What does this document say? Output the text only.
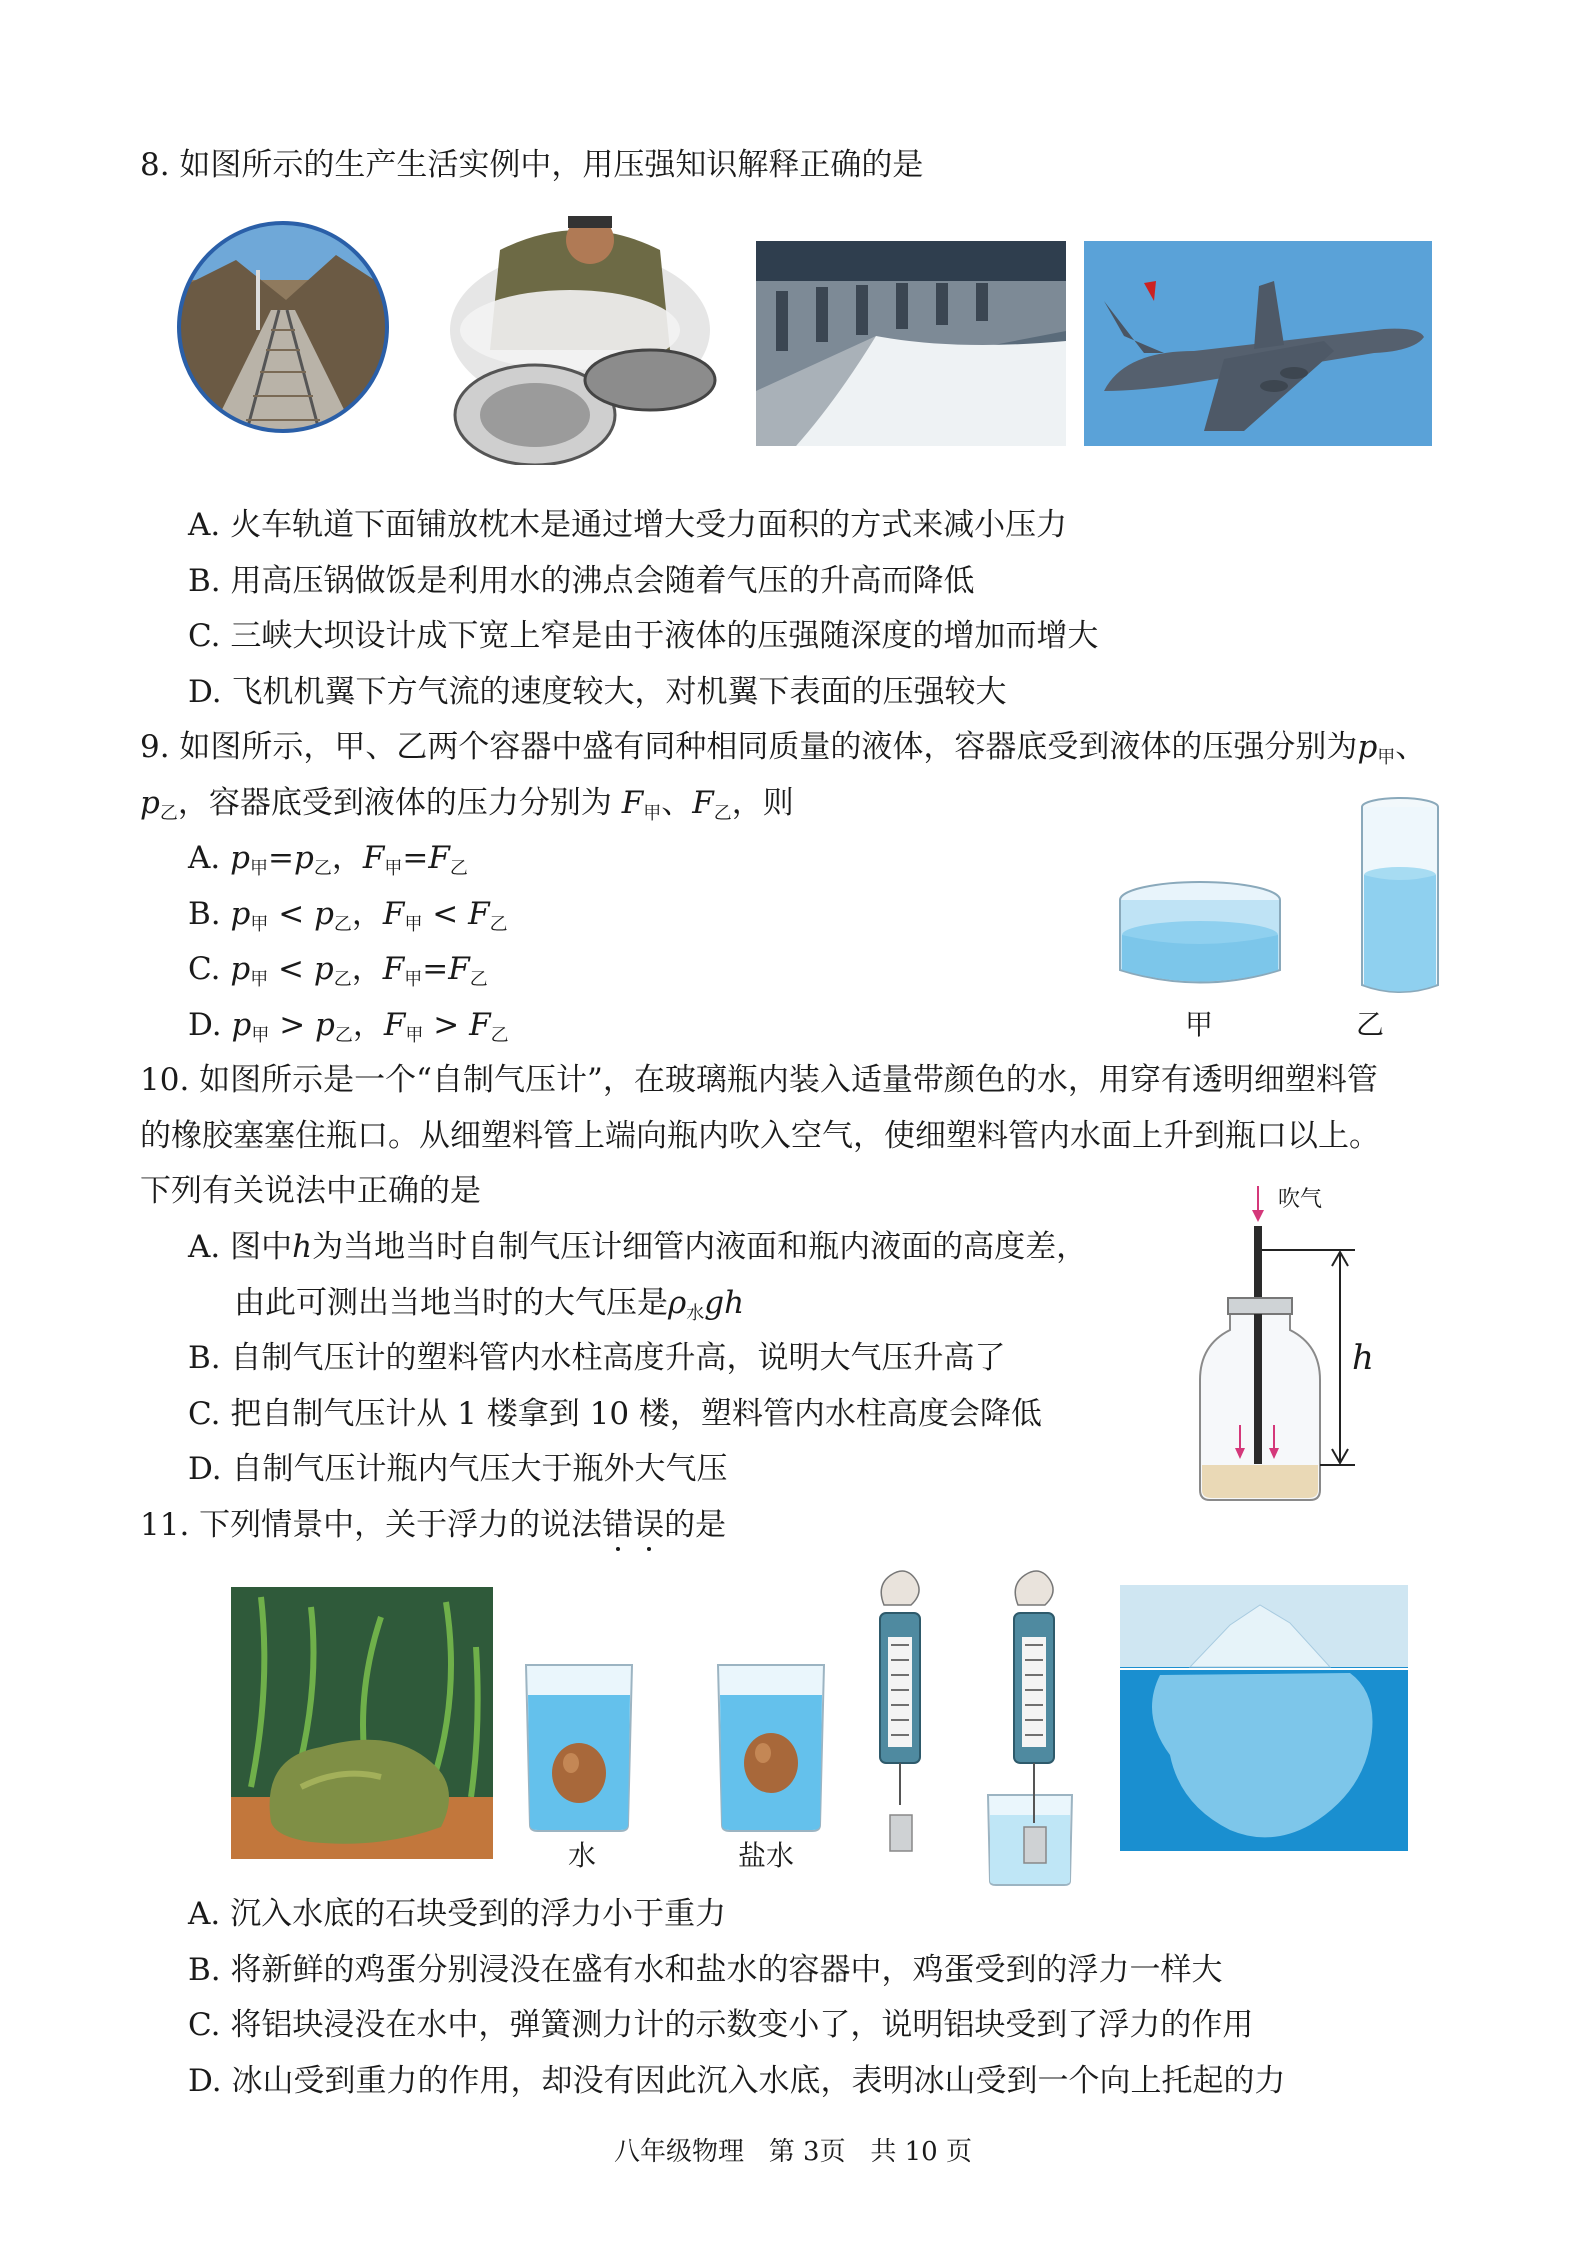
8. 如图所示的生产生活实例中，用压强知识解释正确的是
A. 火车轨道下面铺放枕木是通过增大受力面积的方式来减小压力
B. 用高压锅做饭是利用水的沸点会随着气压的升高而降低
C. 三峡大坝设计成下宽上窄是由于液体的压强随深度的增加而增大
D. 飞机机翼下方气流的速度较大，对机翼下表面的压强较大
9. 如图所示，甲、乙两个容器中盛有同种相同质量的液体，容器底受到液体的压强分别为$p_甲$、
$p_乙$，容器底受到液体的压力分别为 $F_甲$、$F_乙$，则
A. $p_甲=p_乙$，$F_甲=F_乙$
B. $p_甲 < p_乙$，$F_甲 < F_乙$
C. $p_甲 < p_乙$，$F_甲=F_乙$
D. $p_甲 > p_乙$，$F_甲 > F_乙$	甲	乙
10. 如图所示是一个“自制气压计”，在玻璃瓶内装入适量带颜色的水，用穿有透明细塑料管
的橡胶塞塞住瓶口。从细塑料管上端向瓶内吹入空气，使细塑料管内水面上升到瓶口以上。
下列有关说法中正确的是
A. 图中h为当地当时自制气压计细管内液面和瓶内液面的高度差，
由此可测出当地当时的大气压是$\rho_水gh$
B. 自制气压计的塑料管内水柱高度升高，说明大气压升高了
C. 把自制气压计从 1 楼拿到 10 楼，塑料管内水柱高度会降低
D. 自制气压计瓶内气压大于瓶外大气压
吹气
h
11. 下列情景中，关于浮力的说法错误的是
水	盐水
A. 沉入水底的石块受到的浮力小于重力
B. 将新鲜的鸡蛋分别浸没在盛有水和盐水的容器中，鸡蛋受到的浮力一样大
C. 将铝块浸没在水中，弹簧测力计的示数变小了，说明铝块受到了浮力的作用
D. 冰山受到重力的作用，却没有因此沉入水底，表明冰山受到一个向上托起的力
八年级物理   第 3页   共 10 页
